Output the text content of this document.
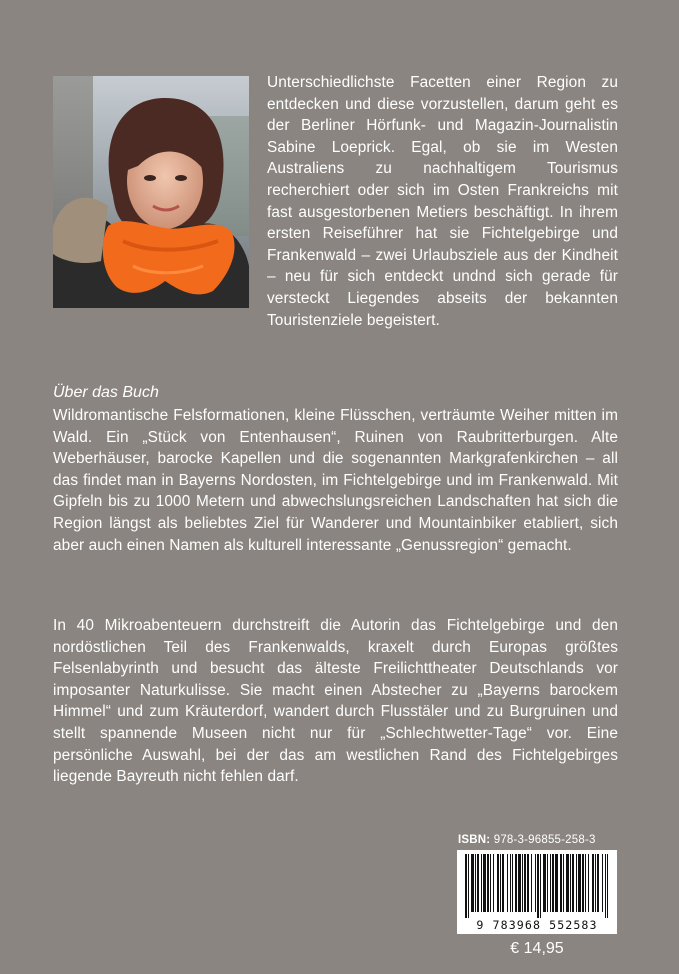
Unterschiedlichste Facetten einer Region zu entdecken und diese vorzustellen, darum geht es der Berliner Hörfunk- und Magazin-Journalistin Sabine Loeprick. Egal, ob sie im Westen Australiens zu nachhaltigem Tourismus recherchiert oder sich im Osten Frankreichs mit fast ausgestorbenen Metiers beschäftigt. In ihrem ersten Reiseführer hat sie Fichtelgebirge und Frankenwald – zwei Urlaubsziele aus der Kindheit – neu für sich entdeckt undnd sich gerade für versteckt Liegendes abseits der bekannten Touristenziele begeistert.

Über das Buch

Wildromantische Felsformationen, kleine Flüsschen, verträumte Weiher mitten im Wald. Ein „Stück von Entenhausen“, Ruinen von Raubritterburgen. Alte Weberhäuser, barocke Kapellen und die sogenannten Markgrafenkirchen – all das findet man in Bayerns Nordosten, im Fichtelgebirge und im Frankenwald. Mit Gipfeln bis zu 1000 Metern und abwechslungsreichen Landschaften hat sich die Region längst als beliebtes Ziel für Wanderer und Mountainbiker etabliert, sich aber auch einen Namen als kulturell interessante „Genussregion“ gemacht.

In 40 Mikroabenteuern durchstreift die Autorin das Fichtelgebirge und den nordöstlichen Teil des Frankenwalds, kraxelt durch Europas größtes Felsenlabyrinth und besucht das älteste Freilichttheater Deutschlands vor imposanter Naturkulisse. Sie macht einen Abstecher zu „Bayerns barockem Himmel“ und zum Kräuterdorf, wandert durch Flusstäler und zu Burgruinen und stellt spannende Museen nicht nur für „Schlechtwetter-Tage“ vor. Eine persönliche Auswahl, bei der das am westlichen Rand des Fichtelgebirges liegende Bayreuth nicht fehlen darf.

ISBN: 978-3-96855-258-3

9 783968 552583

€ 14,95
